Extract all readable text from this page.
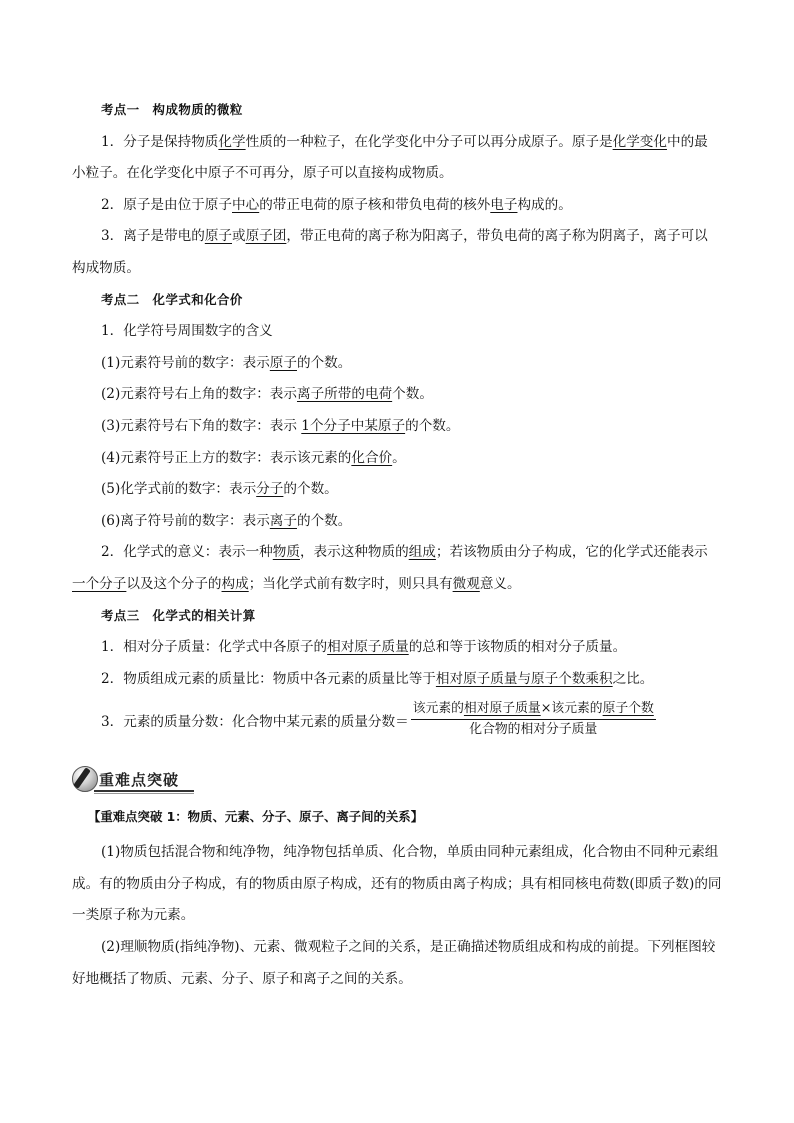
考点一　构成物质的微粒
1．分子是保持物质化学性质的一种粒子，在化学变化中分子可以再分成原子。原子是化学变化中的最
小粒子。在化学变化中原子不可再分，原子可以直接构成物质。
2．原子是由位于原子中心的带正电荷的原子核和带负电荷的核外电子构成的。
3．离子是带电的原子或原子团，带正电荷的离子称为阳离子，带负电荷的离子称为阴离子，离子可以
构成物质。
考点二　化学式和化合价
1．化学符号周围数字的含义
(1)元素符号前的数字：表示原子的个数。
(2)元素符号右上角的数字：表示离子所带的电荷个数。
(3)元素符号右下角的数字：表示 1个分子中某原子的个数。
(4)元素符号正上方的数字：表示该元素的化合价。
(5)化学式前的数字：表示分子的个数。
(6)离子符号前的数字：表示离子的个数。
2．化学式的意义：表示一种物质，表示这种物质的组成；若该物质由分子构成，它的化学式还能表示
一个分子以及这个分子的构成；当化学式前有数字时，则只具有微观意义。
考点三　化学式的相关计算
1．相对分子质量：化学式中各原子的相对原子质量的总和等于该物质的相对分子质量。
2．物质组成元素的质量比：物质中各元素的质量比等于相对原子质量与原子个数乘积之比。
3．元素的质量分数：化合物中某元素的质量分数＝ $\frac{\text{该元素的相对原子质量×该元素的原子个数}}{\text{化合物的相对分子质量}}$
重难点突破
【重难点突破 1：物质、元素、分子、原子、离子间的关系】
(1)物质包括混合物和纯净物，纯净物包括单质、化合物，单质由同种元素组成，化合物由不同种元素组成。有的物质由分子构成，有的物质由原子构成，还有的物质由离子构成；具有相同核电荷数(即质子数)的同一类原子称为元素。
(2)理顺物质(指纯净物)、元素、微观粒子之间的关系，是正确描述物质组成和构成的前提。下列框图较好地概括了物质、元素、分子、原子和离子之间的关系。
